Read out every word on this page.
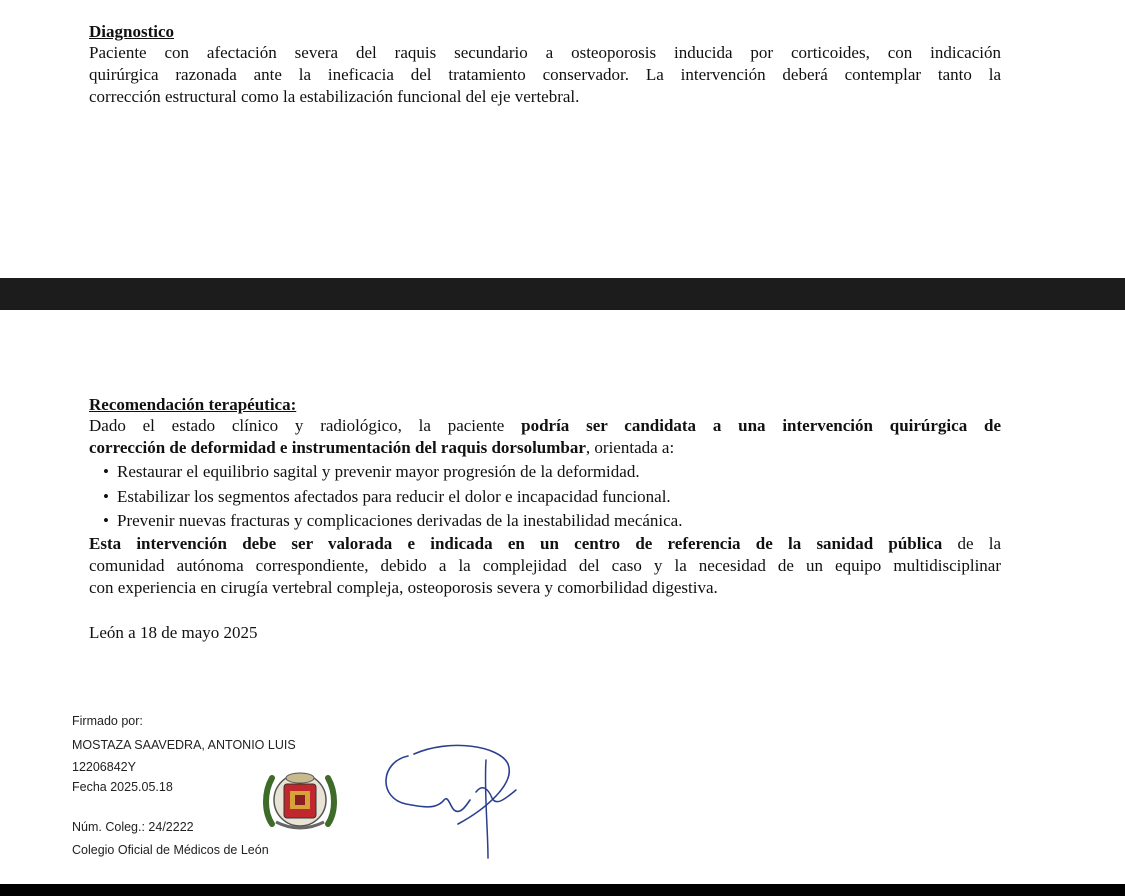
Diagnostico

Paciente con afectación severa del raquis secundario a osteoporosis inducida por corticoides, con indicación
quirúrgica razonada ante la ineficacia del tratamiento conservador. La intervención deberá contemplar tanto la
corrección estructural como la estabilización funcional del eje vertebral.

Recomendación terapéutica:

Dado el estado clínico y radiológico, la paciente podría ser candidata a una intervención quirúrgica de
corrección de deformidad e instrumentación del raquis dorsolumbar, orientada a:

• Restaurar el equilibrio sagital y prevenir mayor progresión de la deformidad.
• Estabilizar los segmentos afectados para reducir el dolor e incapacidad funcional.
• Prevenir nuevas fracturas y complicaciones derivadas de la inestabilidad mecánica.

Esta intervención debe ser valorada e indicada en un centro de referencia de la sanidad pública de la
comunidad autónoma correspondiente, debido a la complejidad del caso y la necesidad de un equipo multidisciplinar
con experiencia en cirugía vertebral compleja, osteoporosis severa y comorbilidad digestiva.

León a 18 de mayo 2025
Firmado por:
MOSTAZA SAAVEDRA, ANTONIO LUIS
12206842Y
Fecha 2025.05.18
Núm. Coleg.: 24/2222
Colegio Oficial de Médicos de León
